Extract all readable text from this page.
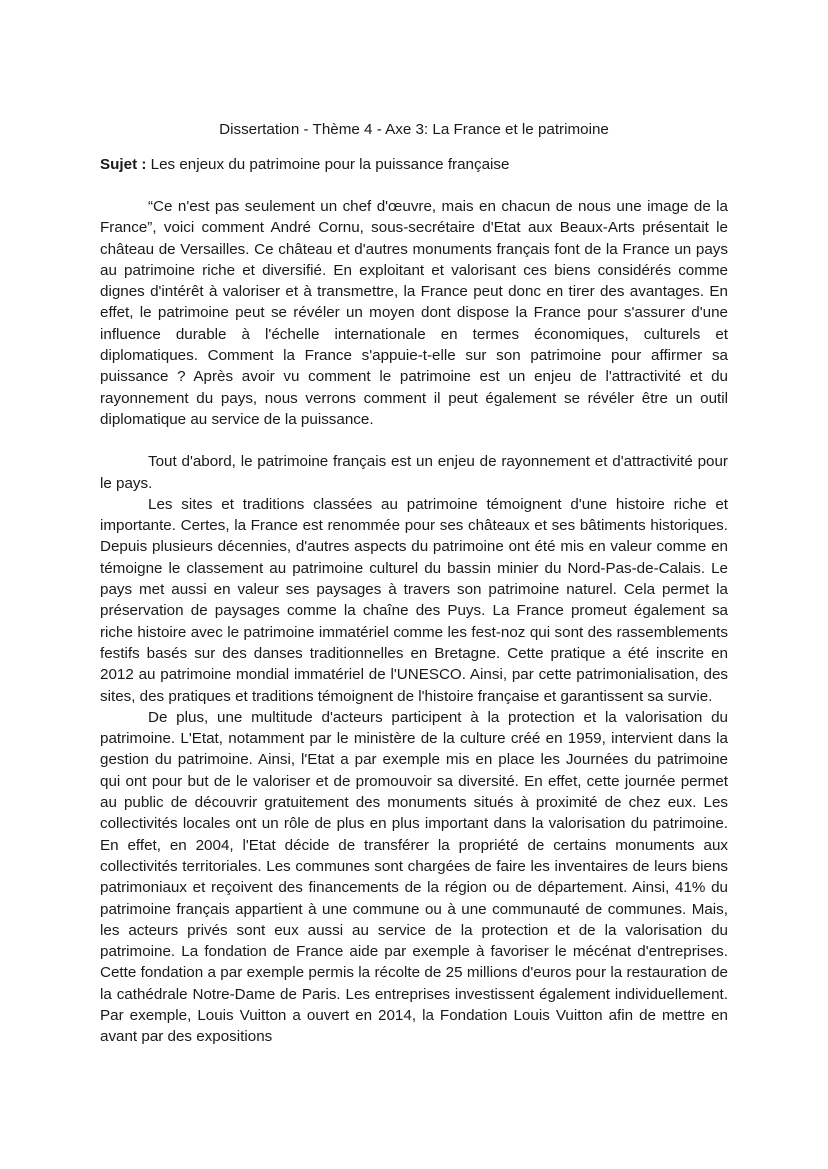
Dissertation - Thème 4 - Axe 3: La France et le patrimoine
Sujet : Les enjeux du patrimoine pour la puissance française

“Ce n'est pas seulement un chef d'œuvre, mais en chacun de nous une image de la France”, voici comment André Cornu, sous-secrétaire d'Etat aux Beaux-Arts présentait le château de Versailles. Ce château et d'autres monuments français font de la France un pays au patrimoine riche et diversifié. En exploitant et valorisant ces biens considérés comme dignes d'intérêt à valoriser et à transmettre, la France peut donc en tirer des avantages. En effet, le patrimoine peut se révéler un moyen dont dispose la France pour s'assurer d'une influence durable à l'échelle internationale en termes économiques, culturels et diplomatiques. Comment la France s'appuie-t-elle sur son patrimoine pour affirmer sa puissance ? Après avoir vu comment le patrimoine est un enjeu de l'attractivité et du rayonnement du pays, nous verrons comment il peut également se révéler être un outil diplomatique au service de la puissance.

Tout d'abord, le patrimoine français est un enjeu de rayonnement et d'attractivité pour le pays.

Les sites et traditions classées au patrimoine témoignent d'une histoire riche et importante. Certes, la France est renommée pour ses châteaux et ses bâtiments historiques. Depuis plusieurs décennies, d'autres aspects du patrimoine ont été mis en valeur comme en témoigne le classement au patrimoine culturel du bassin minier du Nord-Pas-de-Calais. Le pays met aussi en valeur ses paysages à travers son patrimoine naturel. Cela permet la préservation de paysages comme la chaîne des Puys. La France promeut également sa riche histoire avec le patrimoine immatériel comme les fest-noz qui sont des rassemblements festifs basés sur des danses traditionnelles en Bretagne. Cette pratique a été inscrite en 2012 au patrimoine mondial immatériel de l'UNESCO. Ainsi, par cette patrimonialisation, des sites, des pratiques et traditions témoignent de l'histoire française et garantissent sa survie.

De plus, une multitude d'acteurs participent à la protection et la valorisation du patrimoine. L'Etat, notamment par le ministère de la culture créé en 1959, intervient dans la gestion du patrimoine. Ainsi, l'Etat a par exemple mis en place les Journées du patrimoine qui ont pour but de le valoriser et de promouvoir sa diversité. En effet, cette journée permet au public de découvrir gratuitement des monuments situés à proximité de chez eux. Les collectivités locales ont un rôle de plus en plus important dans la valorisation du patrimoine. En effet, en 2004, l'Etat décide de transférer la propriété de certains monuments aux collectivités territoriales. Les communes sont chargées de faire les inventaires de leurs biens patrimoniaux et reçoivent des financements de la région ou de département. Ainsi, 41% du patrimoine français appartient à une commune ou à une communauté de communes. Mais, les acteurs privés sont eux aussi au service de la protection et de la valorisation du patrimoine. La fondation de France aide par exemple à favoriser le mécénat d'entreprises. Cette fondation a par exemple permis la récolte de 25 millions d'euros pour la restauration de la cathédrale Notre-Dame de Paris. Les entreprises investissent également individuellement. Par exemple, Louis Vuitton a ouvert en 2014, la Fondation Louis Vuitton afin de mettre en avant par des expositions
